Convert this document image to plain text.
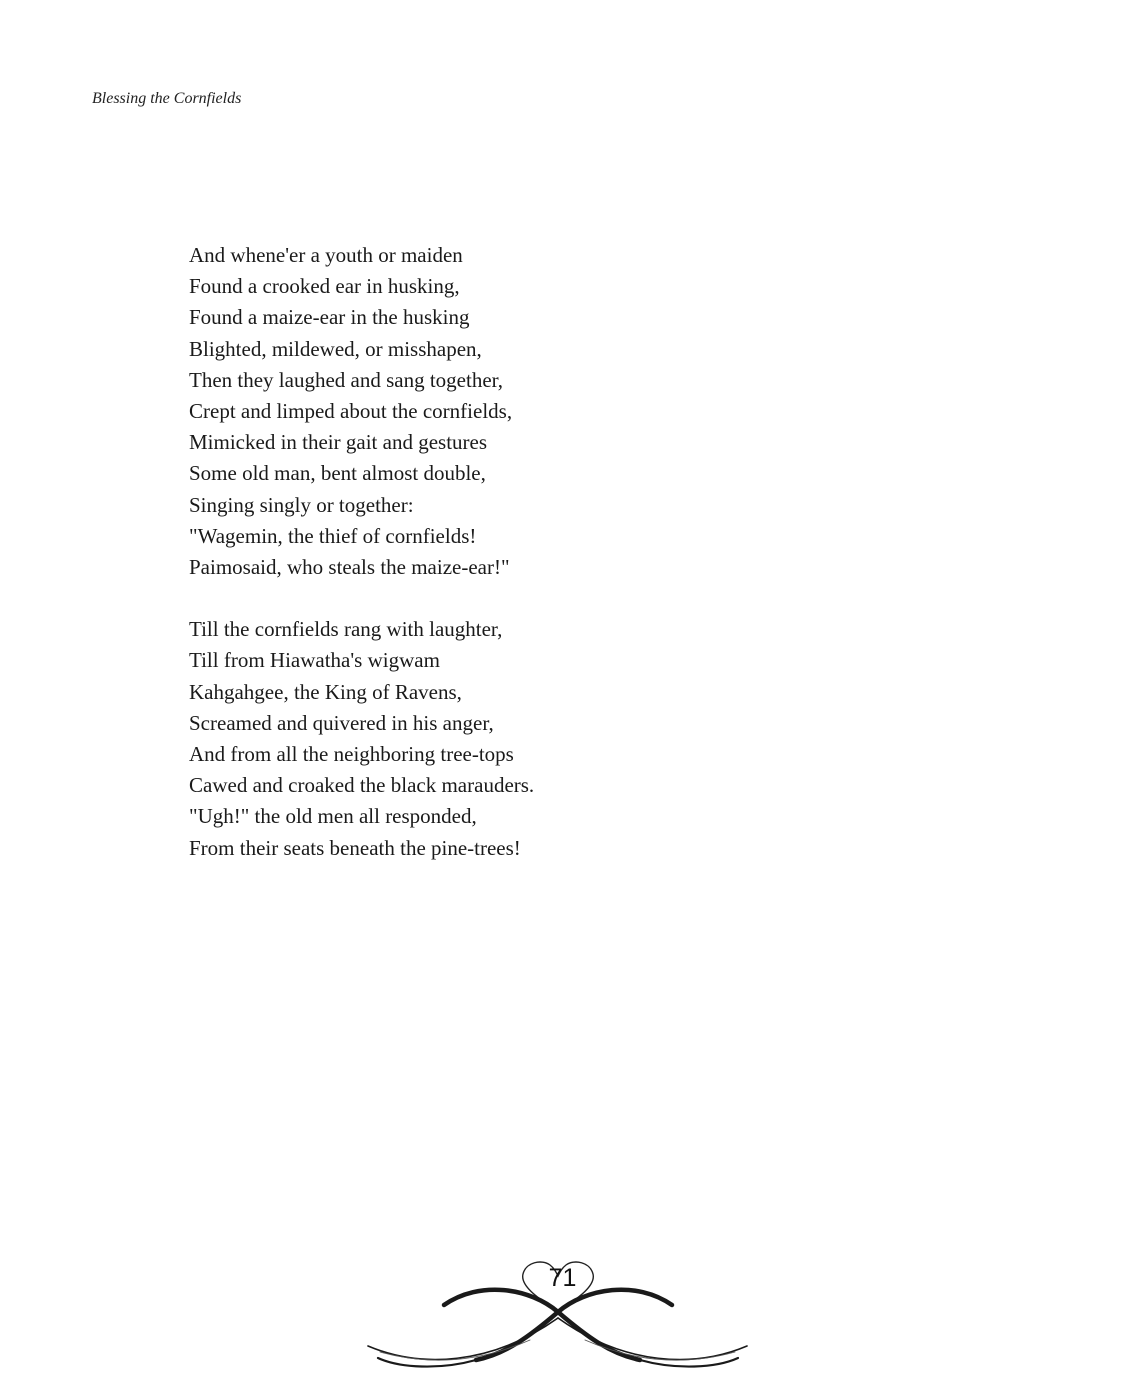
Blessing the Cornfields
And whene'er a youth or maiden
Found a crooked ear in husking,
Found a maize-ear in the husking
Blighted, mildewed, or misshapen,
Then they laughed and sang together,
Crept and limped about the cornfields,
Mimicked in their gait and gestures
Some old man, bent almost double,
Singing singly or together:
"Wagemin, the thief of cornfields!
Paimosaid, who steals the maize-ear!"
Till the cornfields rang with laughter,
Till from Hiawatha's wigwam
Kahgahgee, the King of Ravens,
Screamed and quivered in his anger,
And from all the neighboring tree-tops
Cawed and croaked the black marauders.
"Ugh!" the old men all responded,
From their seats beneath the pine-trees!
71
